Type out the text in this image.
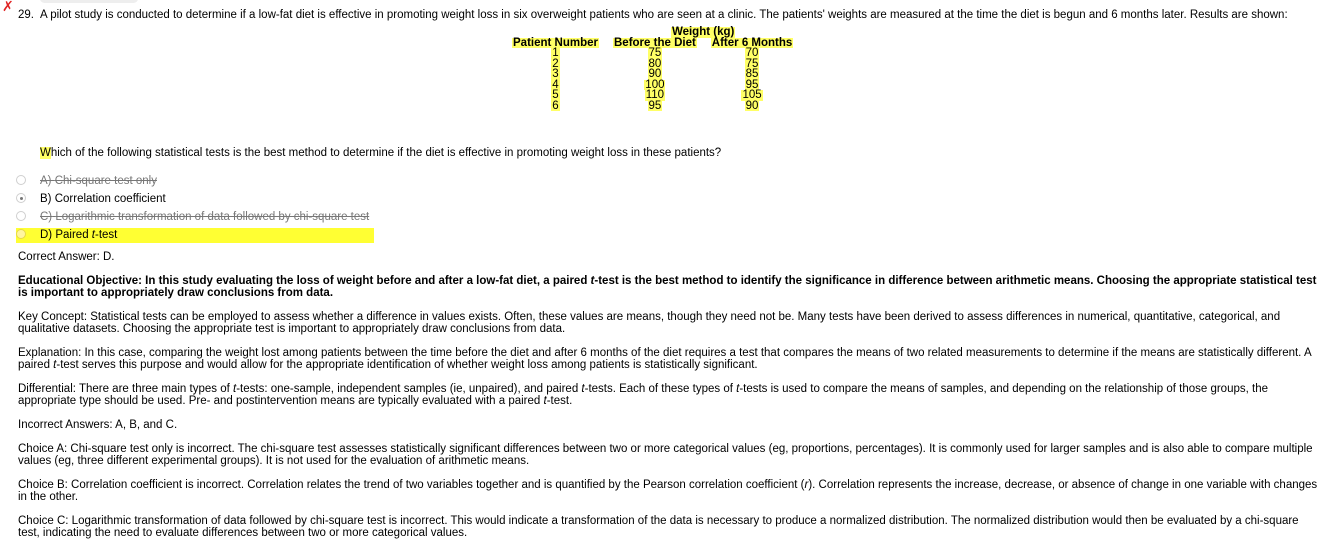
✗
29. A pilot study is conducted to determine if a low-fat diet is effective in promoting weight loss in six overweight patients who are seen at a clinic. The patients' weights are measured at the time the diet is begun and 6 months later. Results are shown:
		Weight (kg)		
Patient Number		Before the Diet		After 6 Months
1		75		70
2		80		75
3		90		85
4		100		95
5		110		105
6		95		90
Which of the following statistical tests is the best method to determine if the diet is effective in promoting weight loss in these patients?
A) Chi-square test only
B) Correlation coefficient
C) Logarithmic transformation of data followed by chi-square test
D) Paired t-test
Correct Answer: D.
Educational Objective: In this study evaluating the loss of weight before and after a low-fat diet, a paired t-test is the best method to identify the significance in difference between arithmetic means. Choosing the appropriate statistical test is important to appropriately draw conclusions from data.
Key Concept: Statistical tests can be employed to assess whether a difference in values exists. Often, these values are means, though they need not be. Many tests have been derived to assess differences in numerical, quantitative, categorical, and qualitative datasets. Choosing the appropriate test is important to appropriately draw conclusions from data.
Explanation: In this case, comparing the weight lost among patients between the time before the diet and after 6 months of the diet requires a test that compares the means of two related measurements to determine if the means are statistically different. A paired t-test serves this purpose and would allow for the appropriate identification of whether weight loss among patients is statistically significant.
Differential: There are three main types of t-tests: one-sample, independent samples (ie, unpaired), and paired t-tests. Each of these types of t-tests is used to compare the means of samples, and depending on the relationship of those groups, the appropriate type should be used. Pre- and postintervention means are typically evaluated with a paired t-test.
Incorrect Answers: A, B, and C.
Choice A: Chi-square test only is incorrect. The chi-square test assesses statistically significant differences between two or more categorical values (eg, proportions, percentages). It is commonly used for larger samples and is also able to compare multiple values (eg, three different experimental groups). It is not used for the evaluation of arithmetic means.
Choice B: Correlation coefficient is incorrect. Correlation relates the trend of two variables together and is quantified by the Pearson correlation coefficient (r). Correlation represents the increase, decrease, or absence of change in one variable with changes in the other.
Choice C: Logarithmic transformation of data followed by chi-square test is incorrect. This would indicate a transformation of the data is necessary to produce a normalized distribution. The normalized distribution would then be evaluated by a chi-square test, indicating the need to evaluate differences between two or more categorical values.
